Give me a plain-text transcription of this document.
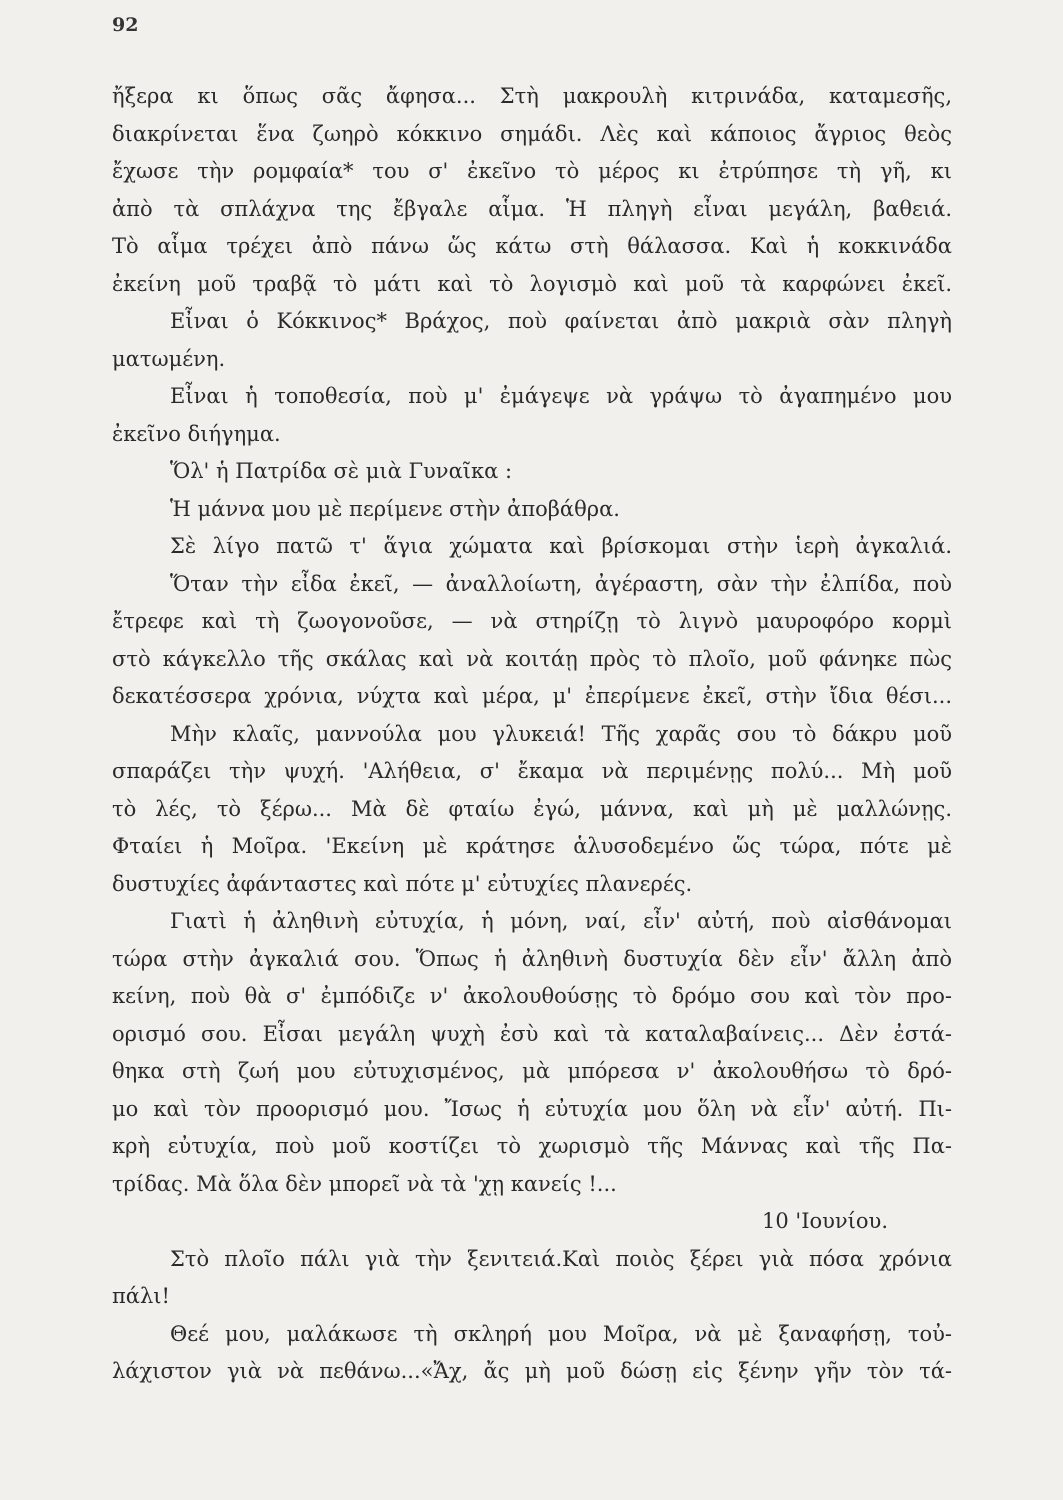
92
ἤξερα κι ὅπως σᾶς ἄφησα... Στὴ μακρουλὴ κιτρινάδα, καταμεσῆς,
διακρίνεται ἕνα ζωηρὸ κόκκινο σημάδι. Λὲς καὶ κάποιος ἄγριος θεὸς
ἔχωσε τὴν ρομφαία* του σ' ἐκεῖνο τὸ μέρος κι ἐτρύπησε τὴ γῆ, κι
ἀπὸ τὰ σπλάχνα της ἔβγαλε αἷμα. Ἡ πληγὴ εἶναι μεγάλη, βαθειά.
Τὸ αἷμα τρέχει ἀπὸ πάνω ὥς κάτω στὴ θάλασσα. Καὶ ἡ κοκκινάδα
ἐκείνη μοῦ τραβᾷ τὸ μάτι καὶ τὸ λογισμὸ καὶ μοῦ τὰ καρφώνει ἐκεῖ.
Εἶναι ὁ Κόκκινος* Βράχος, ποὺ φαίνεται ἀπὸ μακριὰ σὰν πληγὴ
ματωμένη.
Εἶναι ἡ τοποθεσία, ποὺ μ' ἐμάγεψε νὰ γράψω τὸ ἀγαπημένο μου
ἐκεῖνο διήγημα.
Ὅλ' ἡ Πατρίδα σὲ μιὰ Γυναῖκα :
Ἡ μάννα μου μὲ περίμενε στὴν ἀποβάθρα.
Σὲ λίγο πατῶ τ' ἅγια χώματα καὶ βρίσκομαι στὴν ἱερὴ ἀγκαλιά.
Ὅταν τὴν εἶδα ἐκεῖ, — ἀναλλοίωτη, ἀγέραστη, σὰν τὴν ἐλπίδα, ποὺ
ἔτρεφε καὶ τὴ ζωογονοῦσε, — νὰ στηρίζῃ τὸ λιγνὸ μαυροφόρο κορμὶ
στὸ κάγκελλο τῆς σκάλας καὶ νὰ κοιτάῃ πρὸς τὸ πλοῖο, μοῦ φάνηκε πὼς
δεκατέσσερα χρόνια, νύχτα καὶ μέρα, μ' ἐπερίμενε ἐκεῖ, στὴν ἴδια θέσι...
Μὴν κλαῖς, μαννούλα μου γλυκειά! Τῆς χαρᾶς σου τὸ δάκρυ μοῦ
σπαράζει τὴν ψυχή. 'Αλήθεια, σ' ἔκαμα νὰ περιμένῃς πολύ... Μὴ μοῦ
τὸ λές, τὸ ξέρω... Μὰ δὲ φταίω ἐγώ, μάννα, καὶ μὴ μὲ μαλλώνῃς.
Φταίει ἡ Μοῖρα. 'Εκείνη μὲ κράτησε ἁλυσοδεμένο ὥς τώρα, πότε μὲ
δυστυχίες ἀφάνταστες καὶ πότε μ' εὐτυχίες πλανερές.
Γιατὶ ἡ ἀληθινὴ εὐτυχία, ἡ μόνη, ναί, εἶν' αὐτή, ποὺ αἰσθάνομαι
τώρα στὴν ἀγκαλιά σου. Ὅπως ἡ ἀληθινὴ δυστυχία δὲν εἶν' ἄλλη ἀπὸ
κείνη, ποὺ θὰ σ' ἐμπόδιζε ν' ἀκολουθούσῃς τὸ δρόμο σου καὶ τὸν προ-
ορισμό σου. Εἶσαι μεγάλη ψυχὴ ἐσὺ καὶ τὰ καταλαβαίνεις... Δὲν ἐστά-
θηκα στὴ ζωή μου εὐτυχισμένος, μὰ μπόρεσα ν' ἀκολουθήσω τὸ δρό-
μο καὶ τὸν προορισμό μου. Ἴσως ἡ εὐτυχία μου ὅλη νὰ εἶν' αὐτή. Πι-
κρὴ εὐτυχία, ποὺ μοῦ κοστίζει τὸ χωρισμὸ τῆς Μάννας καὶ τῆς Πα-
τρίδας. Μὰ ὅλα δὲν μπορεῖ νὰ τὰ 'χῃ κανείς !...
10 'Ιουνίου.
Στὸ πλοῖο πάλι γιὰ τὴν ξενιτειά.Καὶ ποιὸς ξέρει γιὰ πόσα χρόνια
πάλι!
Θεέ μου, μαλάκωσε τὴ σκληρή μου Μοῖρα, νὰ μὲ ξαναφήσῃ, τοὐ-
λάχιστον γιὰ νὰ πεθάνω...«Ἄχ, ἄς μὴ μοῦ δώσῃ εἰς ξένην γῆν τὸν τά-
